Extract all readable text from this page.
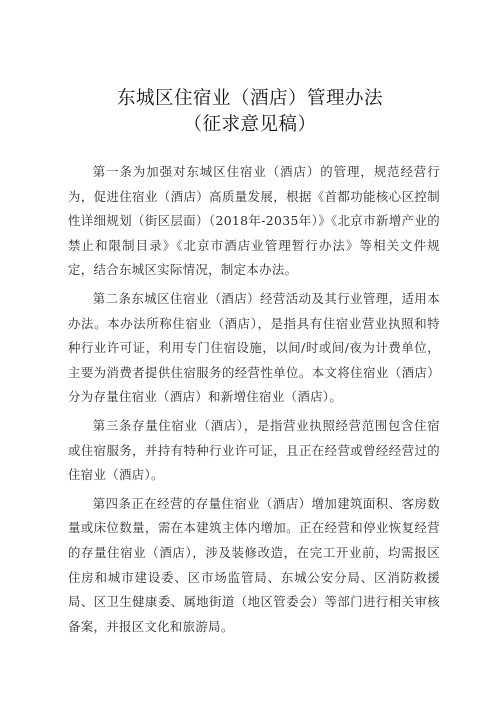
东城区住宿业（酒店）管理办法
（征求意见稿）

第一条为加强对东城区住宿业（酒店）的管理，规范经营行为，促进住宿业（酒店）高质量发展，根据《首都功能核心区控制性详细规划（街区层面）（2018年-2035年）》《北京市新增产业的禁止和限制目录》《北京市酒店业管理暂行办法》等相关文件规定，结合东城区实际情况，制定本办法。

第二条东城区住宿业（酒店）经营活动及其行业管理，适用本办法。本办法所称住宿业（酒店），是指具有住宿业营业执照和特种行业许可证，利用专门住宿设施，以间/时或间/夜为计费单位，主要为消费者提供住宿服务的经营性单位。本文将住宿业（酒店）分为存量住宿业（酒店）和新增住宿业（酒店）。

第三条存量住宿业（酒店），是指营业执照经营范围包含住宿或住宿服务，并持有特种行业许可证，且正在经营或曾经经营过的住宿业（酒店）。

第四条正在经营的存量住宿业（酒店）增加建筑面积、客房数量或床位数量，需在本建筑主体内增加。正在经营和停业恢复经营的存量住宿业（酒店），涉及装修改造，在完工开业前，均需报区住房和城市建设委、区市场监管局、东城公安分局、区消防救援局、区卫生健康委、属地街道（地区管委会）等部门进行相关审核备案，并报区文化和旅游局。
